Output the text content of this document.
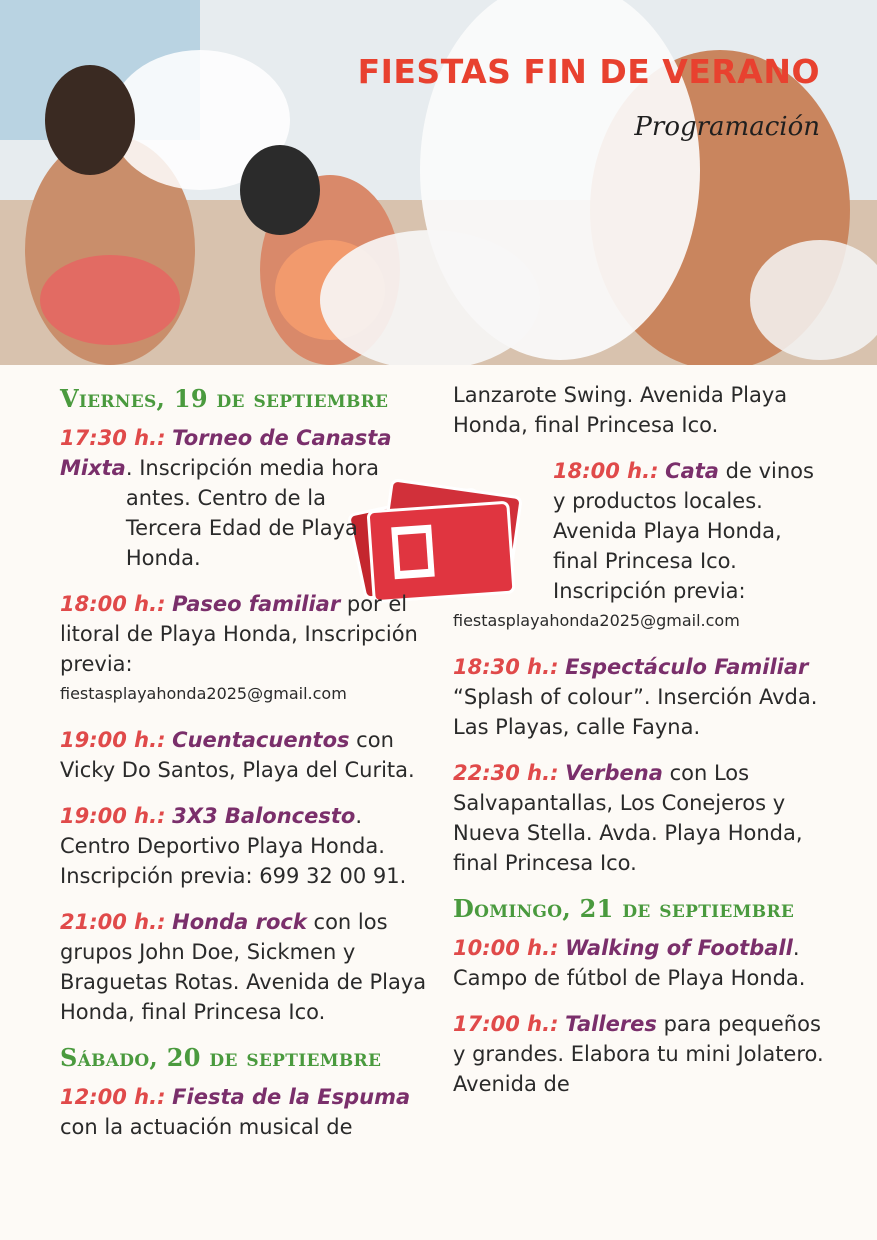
FIESTAS FIN DE VERANO
Programación
Viernes, 19 de septiembre
17:30 h.: Torneo de Canasta Mixta. Inscripción media hora antes. Centro de la Tercera Edad de Playa Honda.
18:00 h.: Paseo familiar por el litoral de Playa Honda, Inscripción previa:
fiestasplayahonda2025@gmail.com
19:00 h.: Cuentacuentos con Vicky Do Santos, Playa del Curita.
19:00 h.: 3X3 Baloncesto. Centro Deportivo Playa Honda. Inscripción previa: 699 32 00 91.
21:00 h.: Honda rock con los grupos John Doe, Sickmen y Braguetas Rotas. Avenida de Playa Honda, final Princesa Ico.
Sábado, 20 de septiembre
12:00 h.: Fiesta de la Espuma con la actuación musical de
Lanzarote Swing. Avenida Playa Honda, final Princesa Ico.
18:00 h.: Cata de vinos y productos locales. Avenida Playa Honda, final Princesa Ico. Inscripción previa:
fiestasplayahonda2025@gmail.com
18:30 h.: Espectáculo Familiar “Splash of colour”. Inserción Avda. Las Playas, calle Fayna.
22:30 h.: Verbena con Los Salvapantallas, Los Conejeros y Nueva Stella. Avda. Playa Honda, final Princesa Ico.
Domingo, 21 de septiembre
10:00 h.: Walking of Football. Campo de fútbol de Playa Honda.
17:00 h.: Talleres para pequeños y grandes. Elabora tu mini Jolatero. Avenida de
